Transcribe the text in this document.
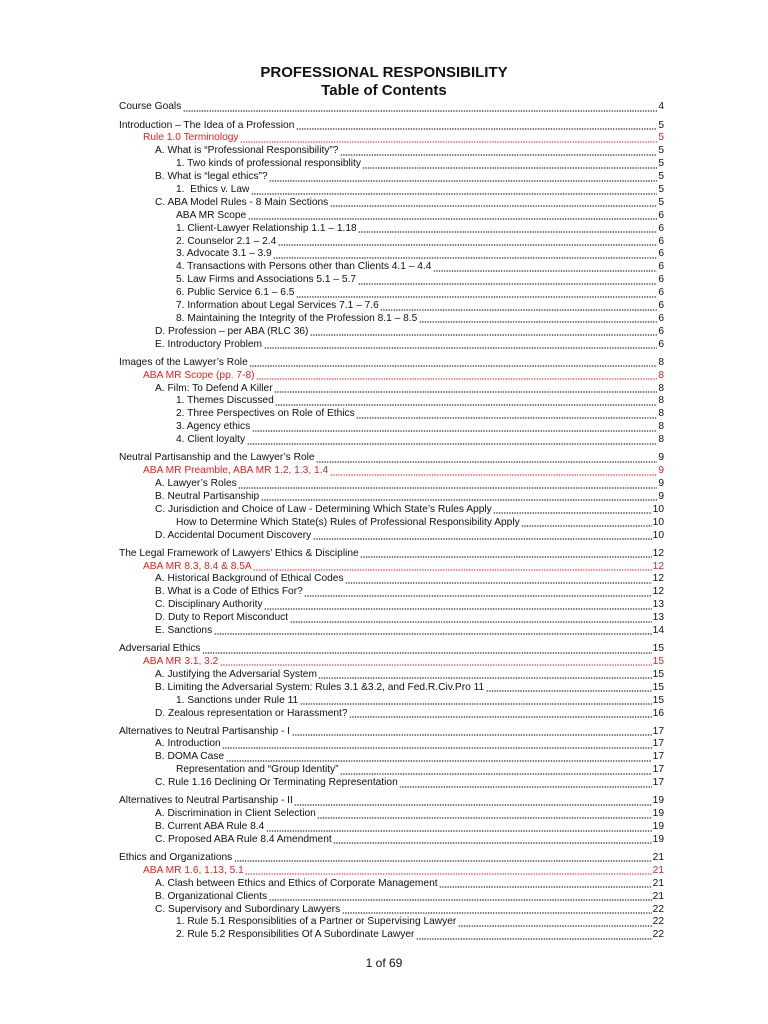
PROFESSIONAL RESPONSIBILITY
Table of Contents
Course Goals	4
Introduction – The Idea of a Profession	5
Rule 1.0 Terminology	5
A. What is “Professional Responsibility”?	5
1. Two kinds of professional responsiblity	5
B. What is “legal ethics”?	5
1.  Ethics v. Law	5
C. ABA Model Rules - 8 Main Sections	5
ABA MR Scope	6
1. Client-Lawyer Relationship 1.1 – 1.18	6
2. Counselor 2.1 – 2.4	6
3. Advocate 3.1 – 3.9	6
4. Transactions with Persons other than Clients 4.1 – 4.4	6
5. Law Firms and Associations 5.1 – 5.7	6
6. Public Service 6.1 – 6.5	6
7. Information about Legal Services 7.1 – 7.6	6
8. Maintaining the Integrity of the Profession 8.1 – 8.5	6
D. Profession – per ABA (RLC 36)	6
E. Introductory Problem	6
Images of the Lawyer’s Role	8
ABA MR Scope (pp. 7-8)	8
A. Film: To Defend A Killer	8
1. Themes Discussed	8
2. Three Perspectives on Role of Ethics	8
3. Agency ethics	8
4. Client loyalty	8
Neutral Partisanship and the Lawyer’s Role	9
ABA MR Preamble, ABA MR 1.2, 1.3, 1.4	9
A. Lawyer’s Roles	9
B. Neutral Partisanship	9
C. Jurisdiction and Choice of Law - Determining Which State’s Rules Apply	10
How to Determine Which State(s) Rules of Professional Responsibility Apply	10
D. Accidental Document Discovery	10
The Legal Framework of Lawyers’ Ethics & Discipline	12
ABA MR 8.3, 8.4 & 8.5A	12
A. Historical Background of Ethical Codes	12
B. What is a Code of Ethics For?	12
C. Disciplinary Authority	13
D. Duty to Report Misconduct	13
E. Sanctions	14
Adversarial Ethics	15
ABA MR 3.1, 3.2	15
A. Justifying the Adversarial System	15
B. Limiting the Adversarial System: Rules 3.1 &3.2, and Fed.R.Civ.Pro 11	15
1. Sanctions under Rule 11	15
D. Zealous representation or Harassment?	16
Alternatives to Neutral Partisanship - I	17
A. Introduction	17
B. DOMA Case	17
Representation and “Group Identity”	17
C. Rule 1.16 Declining Or Terminating Representation	17
Alternatives to Neutral Partisanship - II	19
A. Discrimination in Client Selection	19
B. Current ABA Rule 8.4	19
C. Proposed ABA Rule 8.4 Amendment	19
Ethics and Organizations	21
ABA MR 1.6, 1.13, 5.1	21
A. Clash between Ethics and Ethics of Corporate Management	21
B. Organizational Clients	21
C. Supervisory and Subordinary Lawyers	22
1. Rule 5.1 Responsiblities of a Partner or Supervising Lawyer	22
2. Rule 5.2 Responsibilities Of A Subordinate Lawyer	22
1 of 69
